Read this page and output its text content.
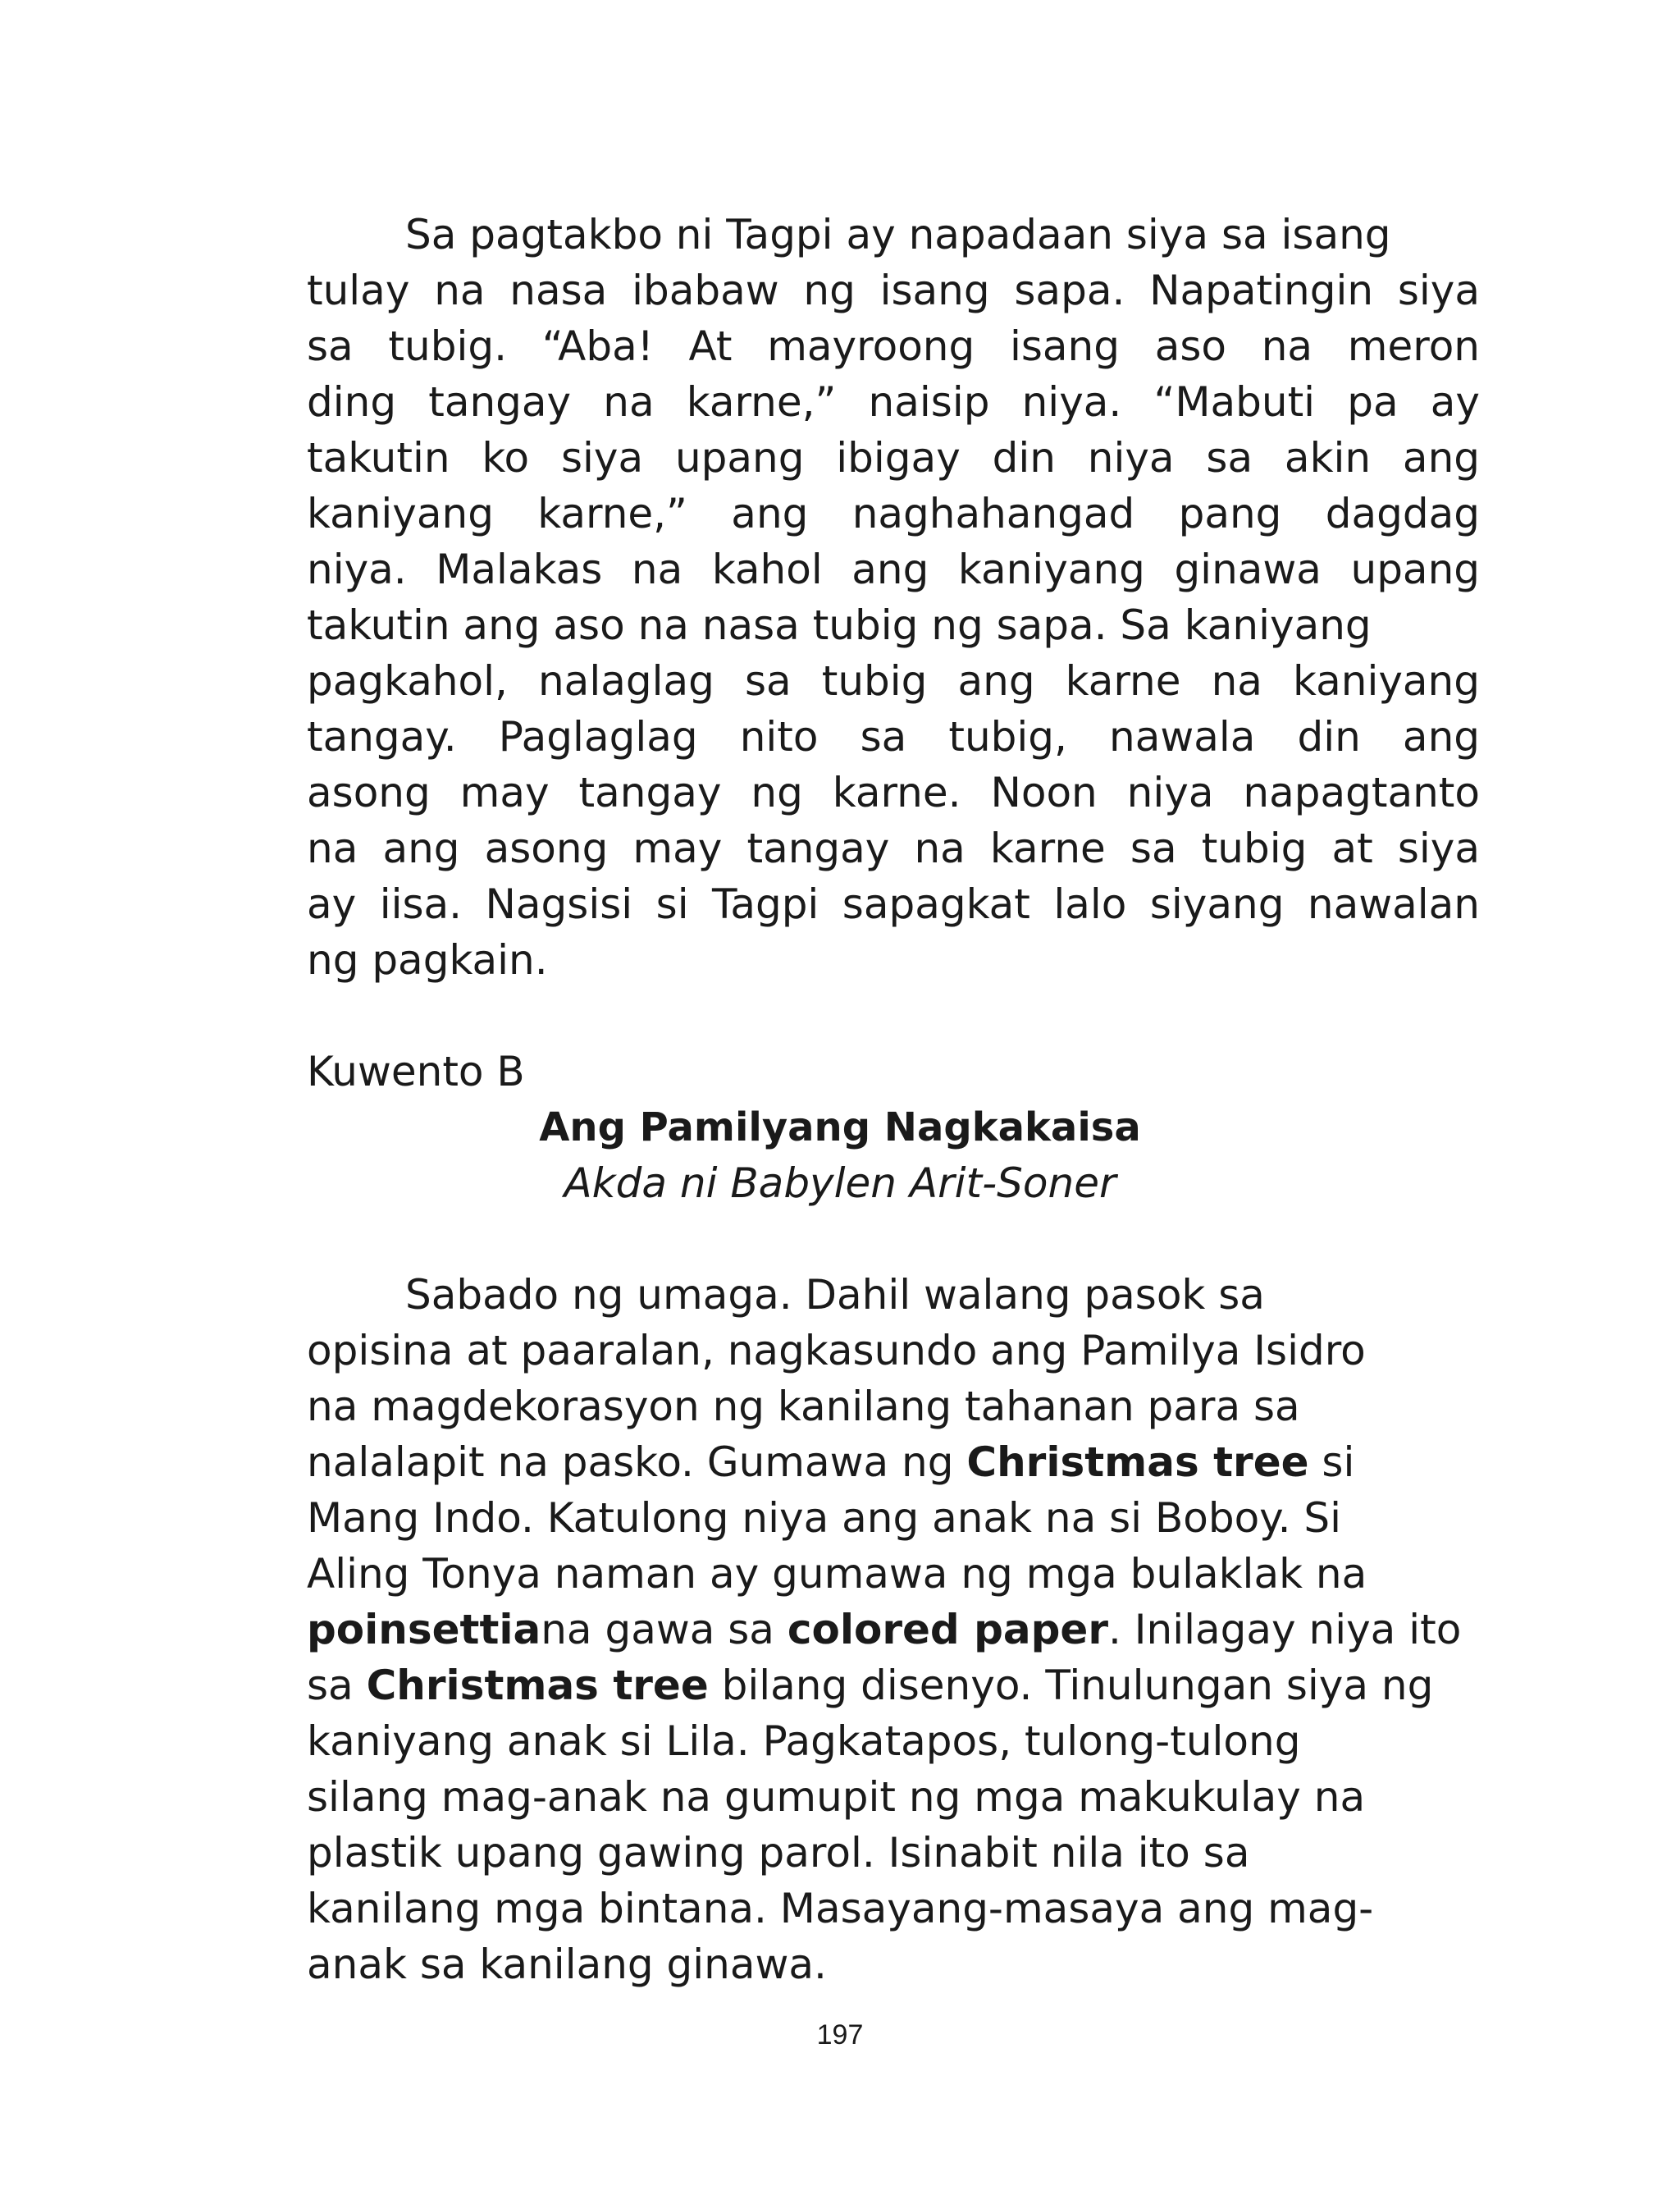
Sa pagtakbo ni Tagpi ay napadaan siya sa isang
tulay na nasa ibabaw ng isang sapa. Napatingin siya
sa tubig. “Aba! At mayroong isang aso na meron
ding tangay na karne,” naisip niya. “Mabuti pa ay
takutin ko siya upang ibigay din niya sa akin ang
kaniyang karne,” ang naghahangad pang dagdag
niya. Malakas na kahol ang kaniyang ginawa upang
takutin ang aso na nasa tubig ng sapa. Sa kaniyang
pagkahol, nalaglag sa tubig ang karne na kaniyang
tangay. Paglaglag nito sa tubig, nawala din ang
asong may tangay ng karne. Noon niya napagtanto
na ang asong may tangay na karne sa tubig at siya
ay iisa. Nagsisi si Tagpi sapagkat lalo siyang nawalan
ng pagkain.
Kuwento B
Ang Pamilyang Nagkakaisa
Akda ni Babylen Arit-Soner
Sabado ng umaga. Dahil walang pasok sa
opisina at paaralan, nagkasundo ang Pamilya Isidro
na magdekorasyon ng kanilang tahanan para sa
nalalapit na pasko. Gumawa ng Christmas tree si
Mang Indo. Katulong niya ang anak na si Boboy. Si
Aling Tonya naman ay gumawa ng mga bulaklak na
poinsettiana gawa sa colored paper. Inilagay niya ito
sa Christmas tree bilang disenyo. Tinulungan siya ng
kaniyang anak si Lila. Pagkatapos, tulong-tulong
silang mag-anak na gumupit ng mga makukulay na
plastik upang gawing parol. Isinabit nila ito sa
kanilang mga bintana. Masayang-masaya ang mag-
anak sa kanilang ginawa.
197
